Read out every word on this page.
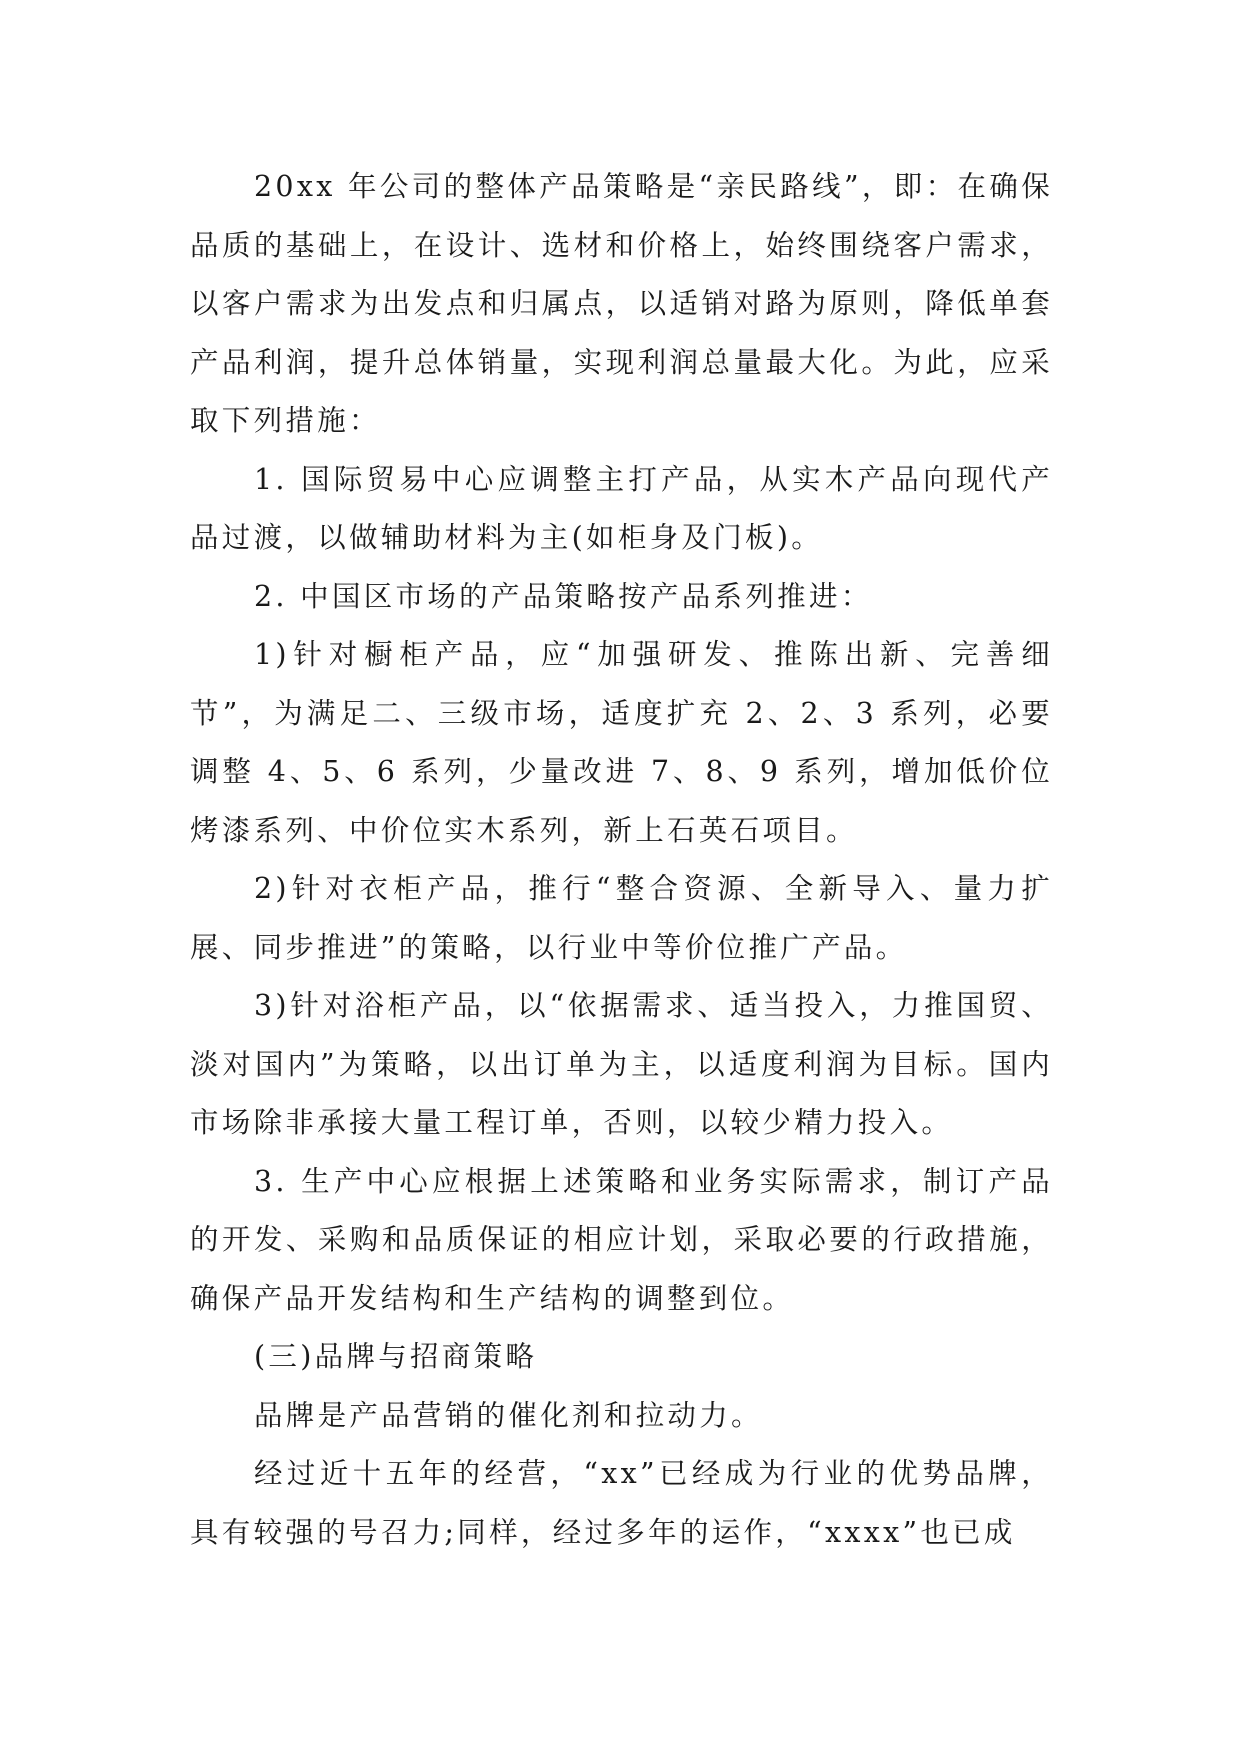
20xx 年公司的整体产品策略是“亲民路线”，即：在确保品质的基础上，在设计、选材和价格上，始终围绕客户需求，以客户需求为出发点和归属点，以适销对路为原则，降低单套产品利润，提升总体销量，实现利润总量最大化。为此，应采取下列措施：

1. 国际贸易中心应调整主打产品，从实木产品向现代产品过渡，以做辅助材料为主(如柜身及门板)。

2. 中国区市场的产品策略按产品系列推进：

1)针对橱柜产品，应“加强研发、推陈出新、完善细节”，为满足二、三级市场，适度扩充 2、2、3 系列，必要调整 4、5、6 系列，少量改进 7、8、9 系列，增加低价位烤漆系列、中价位实木系列，新上石英石项目。

2)针对衣柜产品，推行“整合资源、全新导入、量力扩展、同步推进”的策略，以行业中等价位推广产品。

3)针对浴柜产品，以“依据需求、适当投入，力推国贸、淡对国内”为策略，以出订单为主，以适度利润为目标。国内市场除非承接大量工程订单，否则，以较少精力投入。

3. 生产中心应根据上述策略和业务实际需求，制订产品的开发、采购和品质保证的相应计划，采取必要的行政措施，确保产品开发结构和生产结构的调整到位。

(三)品牌与招商策略

品牌是产品营销的催化剂和拉动力。

经过近十五年的经营，“xx”已经成为行业的优势品牌，具有较强的号召力;同样，经过多年的运作，“xxxx”也已成
